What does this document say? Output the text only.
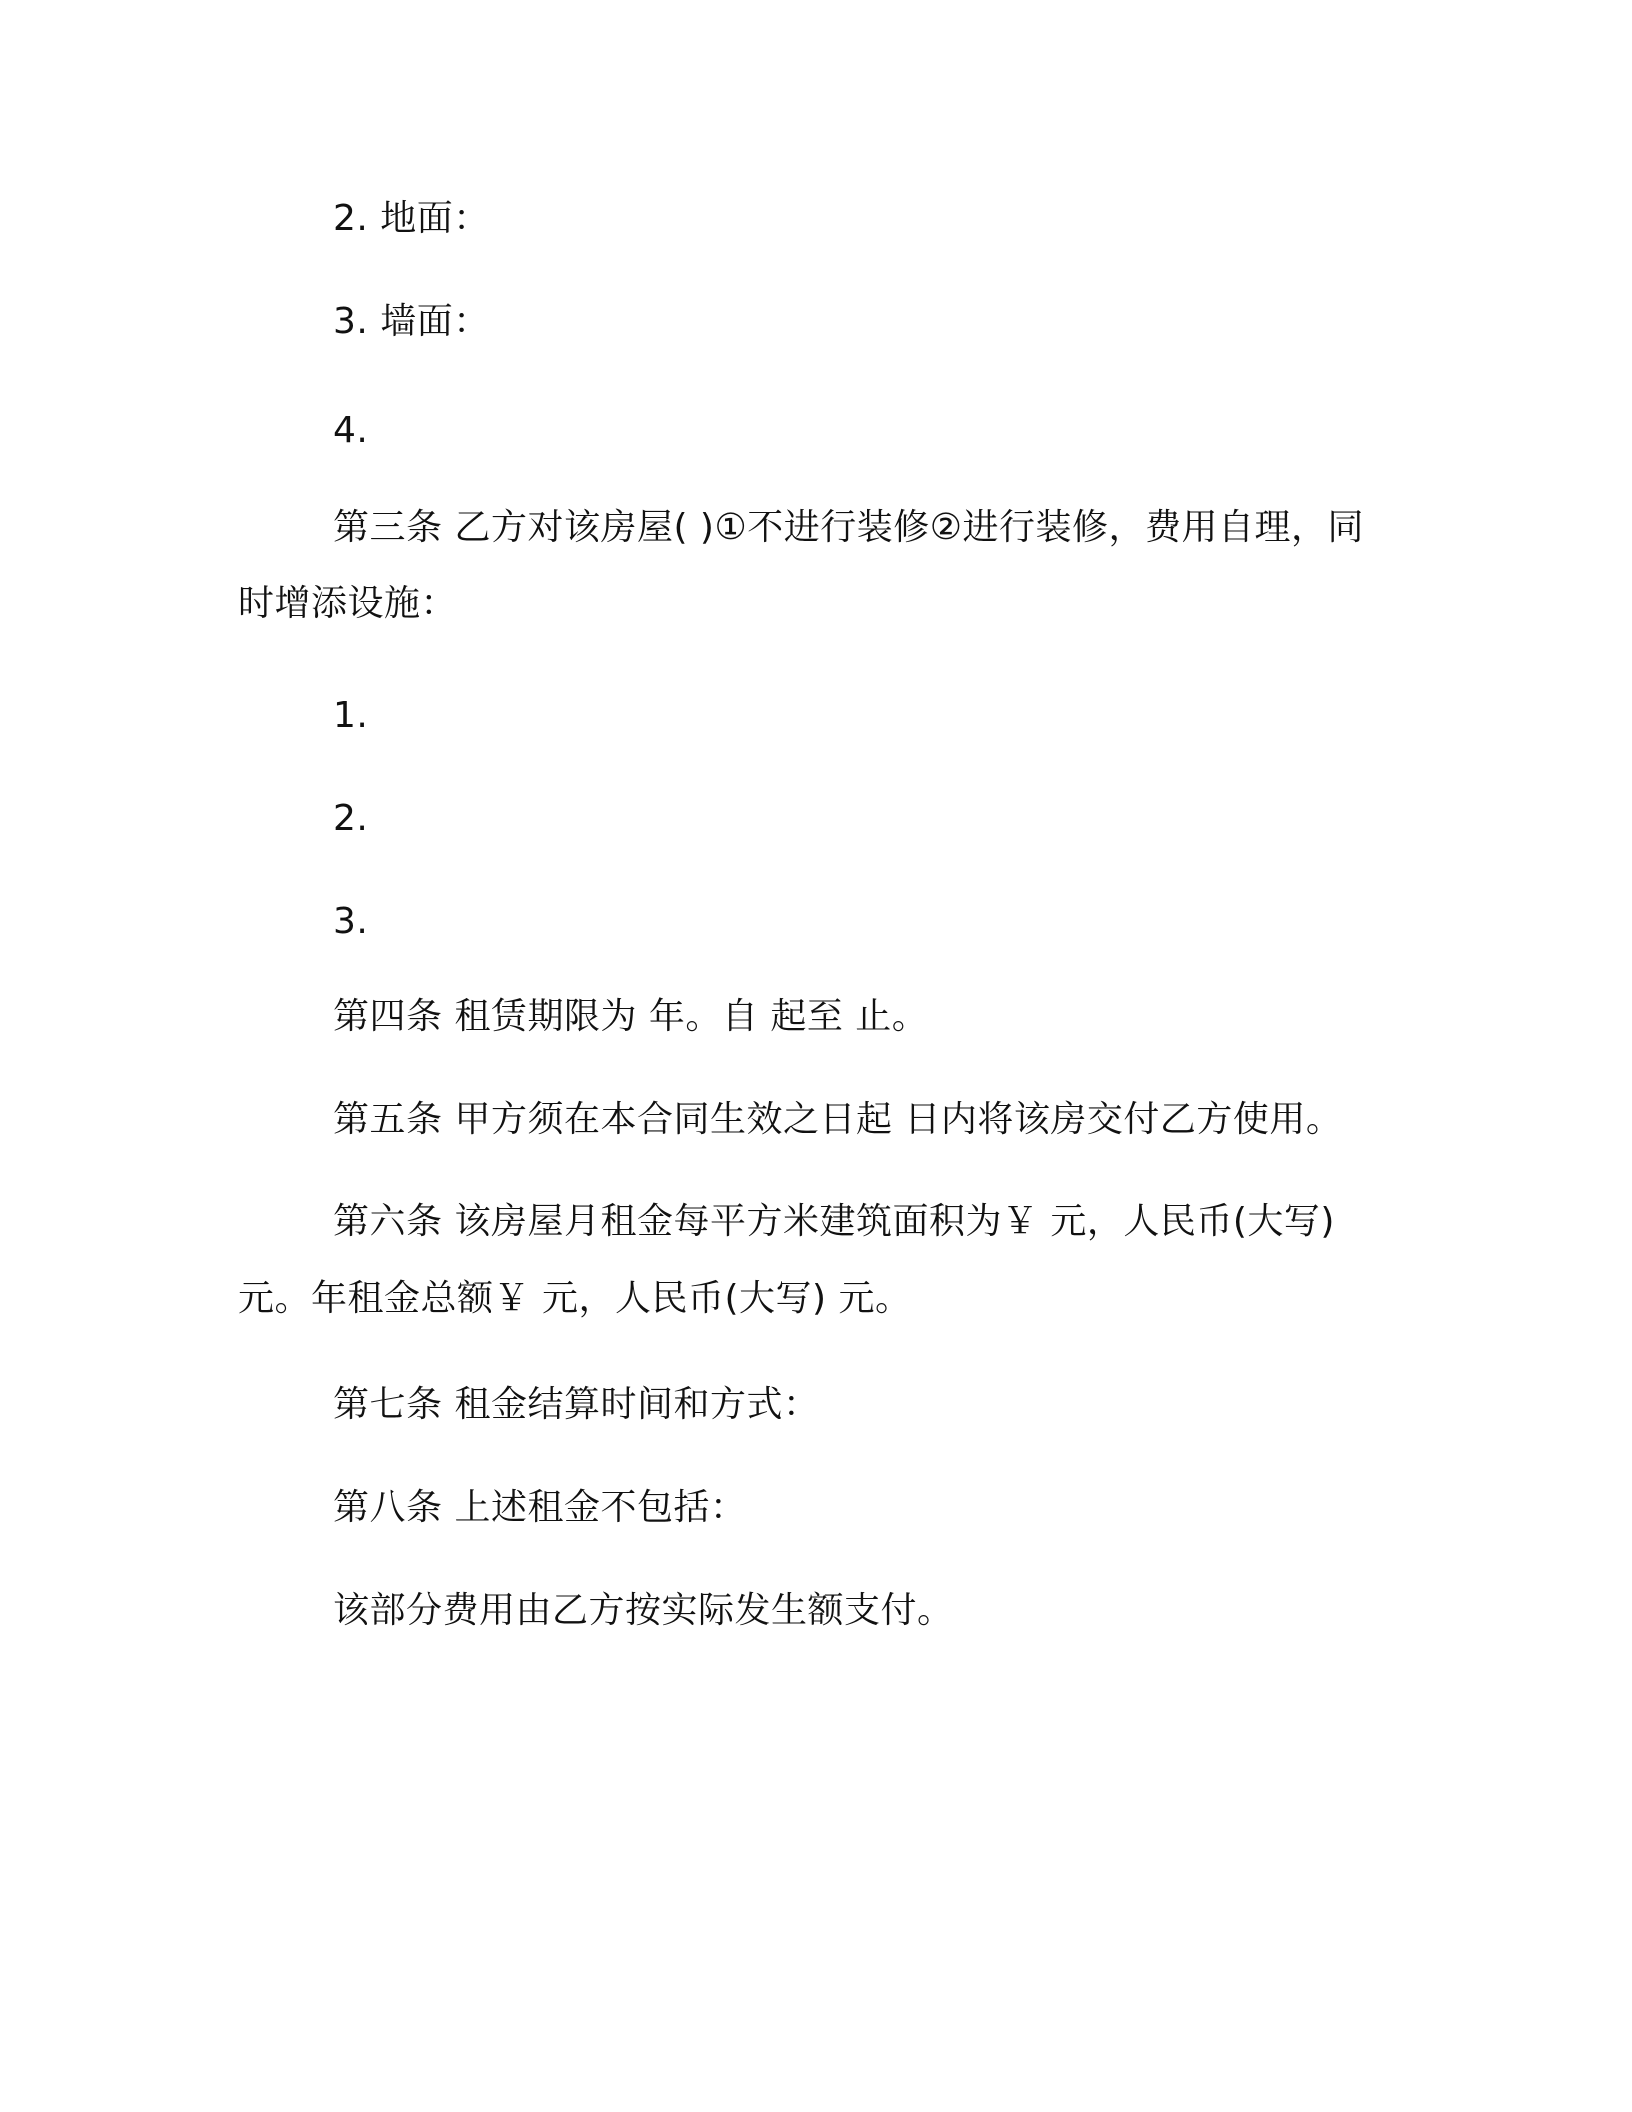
2. 地面：
3. 墙面：
4.
第三条 乙方对该房屋( )①不进行装修②进行装修，费用自理，同
时增添设施：
1.
2.
3.
第四条 租赁期限为 年。自 起至 止。
第五条 甲方须在本合同生效之日起 日内将该房交付乙方使用。
第六条 该房屋月租金每平方米建筑面积为￥ 元，人民币(大写)
元。年租金总额￥ 元，人民币(大写) 元。
第七条 租金结算时间和方式：
第八条 上述租金不包括：
该部分费用由乙方按实际发生额支付。
